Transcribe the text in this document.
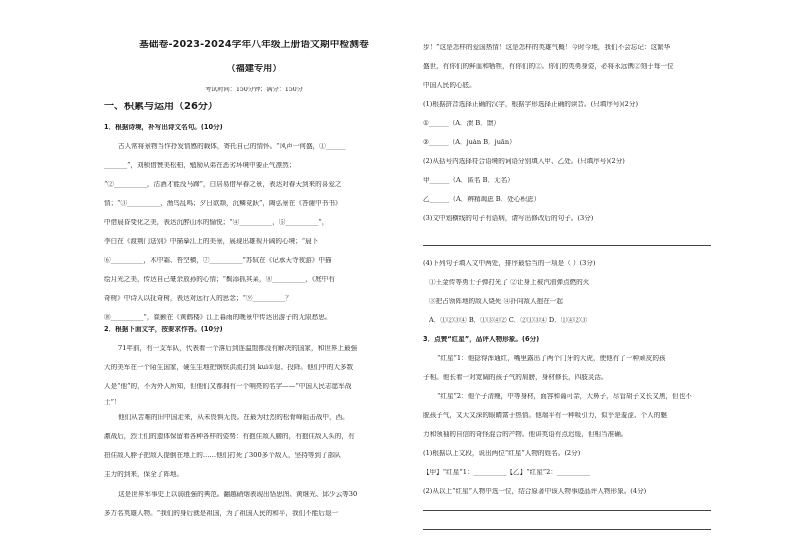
基础卷-2023-2024学年八年级上册语文期中检测卷
（福建专用）
考试时间：150分钟；满分：150分
一、积累与运用（26分）
1．根据诗境，补写出诗文名句。(10分)
古人常将景物当作抒发情感的载体，寄托自己的情怀。“风声一何盛，①______
_______”，刘桢借赞美松柏，勉励从弟在恶劣环境中要正气凛然；
“②__________，沽酒才能没马蹄”，白居易借早春之景，表达对春天到来的喜爱之
情；“③__________，渔鸟乱鸣；夕日欲颓，沉鳞竞跃”，陶弘景在《答谢中书书》
中借晨昏变化之美，表达沉醉山水的愉悦；“④__________，⑤__________”，
李白在《渡荆门送别》中描摹江上的美景，展现出雄视开阔的心境；“晨下
⑥__________，木中霜、苔空横，⑦__________”苏轼在《记承天寺夜游》中描
绘月光之美，传达自己豪余放孙的心情；“鬓添抓其菜，⑧__________，《庭中有
奇树》中诗人以抚奇树，表达对远行人的思念；“⑨__________？
⑩__________”，崔颢在《黄鹤楼》江上暮雨的晚景中传达出游子的无限愁思。
2．根据下面文字，按要求作答。(10分)
71年前，有一支军队，代表着一个落后到连温饱都没有解决的国家，和世界上最强
大的美军在一个陌生国家，硬生生地把钢铁洪流打到 kuì①退、投降。他们中的大多数
人是“他”的，不为外人所知，但他们又都拥有一个响亮的名字——“中国人民志愿军战
士”！
他们从苦难的旧中国走来，从未畏惧无畏。在最为壮烈的松骨峰阻击战中，西。
激战后，烈士们的遗体保留着各种各样的姿势：有抱住敌人腰的，有抱住敌人头的，有
拍住敌人脖子把敌人提倒在地上的……他们打死了300多个敌人，坚持等到了部队
主力的到来，保全了阵地。
这是世界军事史上以弱胜强的典范。翻越硝烟表现出悟思图、黄继光、邱少云等30
多万名英雄人物。“我们的身后就是祖国，为了祖国人民的和平，我们不能后退一
步！”这是怎样的爱国热情！这是怎样的英雄气概！今时今地，我们不会忘记：这繁华
盛世，有你们的鲜血和牺牲，有你们的②。你们的英勇身姿，必将永远镌②刻于每一位
中国人民的心底。
(1)根据拼音选择正确的汉字，根据字形选择正确的读音。(只填序号)(2分)
①______（A．溃 B．馈）
②______（A．juàn B．juān）
(2)从括号内选择符合语境的词语分别填入甲、乙处。(只填序号)(2分)
甲______（A．匿名 B．无名）
乙______（A．辨精竭虑 B．处心积虑）
(3)文中划横线的句子有语病，请写出修改后的句子。(3分)
(4)下列句子填入文中两处，排序最恰当的一项是（ ）(3分)
①王金传等勇士子弹打光了 ②让身上被汽油弹点燃的火
③把占领阵地的敌人烧死 ④扑向敌人抱在一起
A．①②③④ B．①③④② C．②①③④ D．①④②③
3．点赞“红星”，品评人物形象。(6分)
“红星”1：他捻得浑通红，嘴里露出了两个门牙的大虎，使他有了一种顽皮的孩
子相。他长着一对宽阔的孩子气的肩膀，身材修长，四肢灵活。
“红星”2：他个子清瘦，中等身材，面容和蔼可亲，大鼻子，尽管胡子又长又黑，但也不
脱孩子气，又大又深的眼睛富于热情。他端平有一种吸引力，似乎是羞涩、个人的魅
力和领袖的自信的奇怪混合的产物。他讲英语有点迟缓，但相当准确。
(1)根据以上文段，说出两位“红星”人物的姓名。(2分)
【甲】“红星”1：__________【乙】“红星”2：__________
(2)从以上“红星”人物中选一位，结合原著中该人物事迹品评人物形象。(4分)
